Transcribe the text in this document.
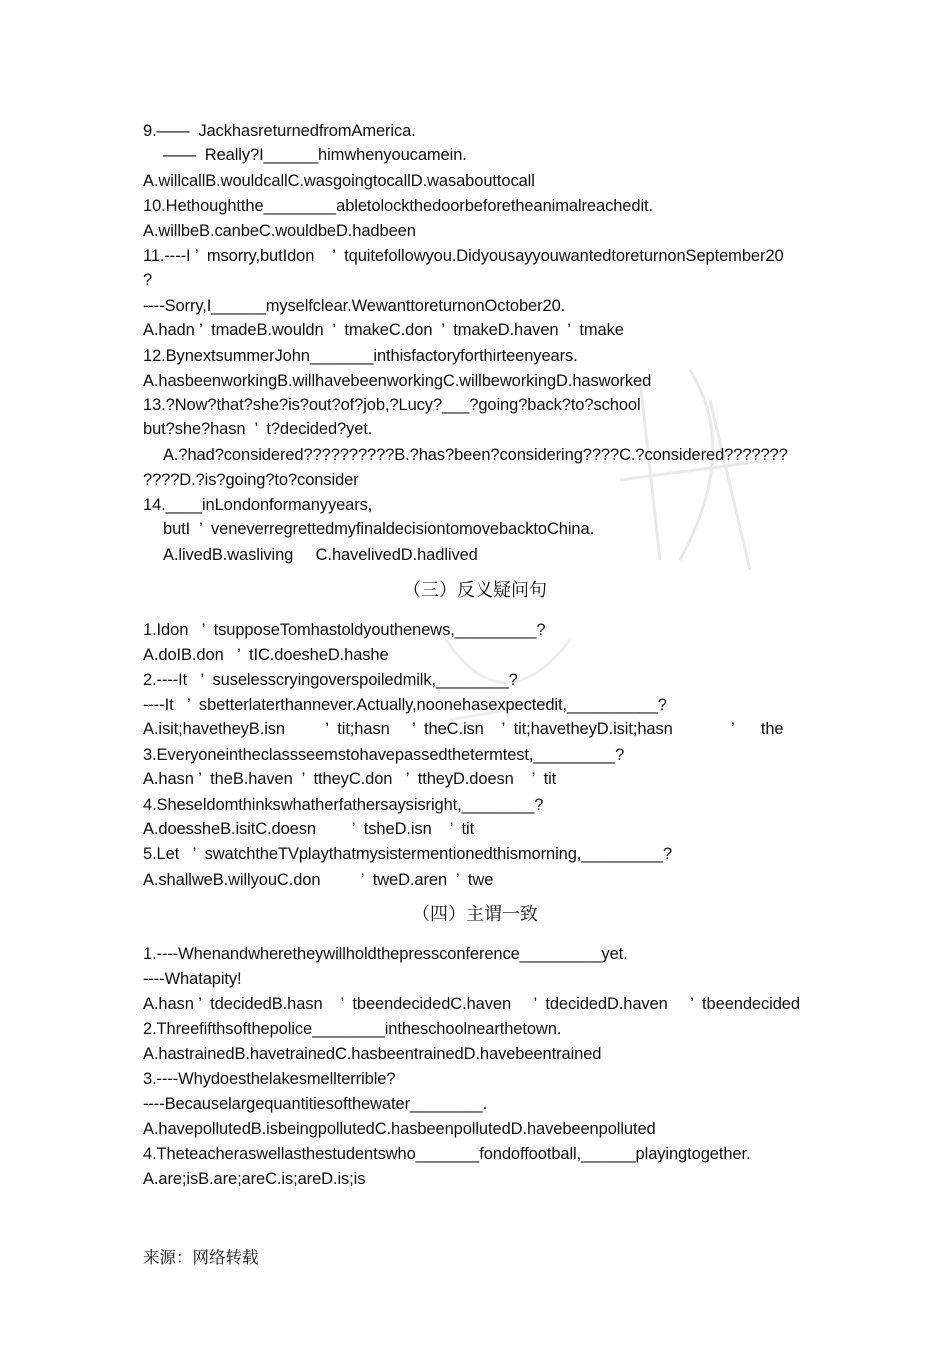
9.——  JackhasreturnedfromAmerica.
——  Really?I______himwhenyoucamein.
A.willcallB.wouldcallC.wasgoingtocallD.wasabouttocall
10.Hethoughtthe________abletolockthedoorbeforetheanimalreachedit.
A.willbeB.canbeC.wouldbeD.hadbeen
11.----I ’  msorry,butIdon    ’  tquitefollowyou.DidyousayyouwantedtoreturnonSeptember20
?
----Sorry,I______myselfclear.WewanttoreturnonOctober20.
A.hadn ’  tmadeB.wouldn  ’  tmakeC.don  ’  tmakeD.haven  ’  tmake
12.BynextsummerJohn_______inthisfactoryforthirteenyears.
A.hasbeenworkingB.willhavebeenworkingC.willbeworkingD.hasworked
13.?Now?that?she?is?out?of?job,?Lucy?___?going?back?to?school
but?she?hasn  ’  t?decided?yet.
A.?had?considered??????????B.?has?been?considering????C.?considered???????
????D.?is?going?to?consider
14.____inLondonformanyyears,
butI  ’  veneverregrettedmyfinaldecisiontomovebacktoChina.
A.livedB.wasliving     C.havelivedD.hadlived
（三）反义疑问句
1.Idon   ’  tsupposeTomhastoldyouthenews,_________?
A.doIB.don   ’  tIC.doesheD.hashe
2.----It   ’  suselesscryingoverspoiledmilk,________?
----It   ’  sbetterlaterthannever.Actually,noonehasexpectedit,__________?
A.isit;havetheyB.isn         ’  tit;hasn     ’  theC.isn    ’  tit;havetheyD.isit;hasn             ’      the
3.Everyoneintheclassseemstohavepassedthetermtest,_________?
A.hasn ’  theB.haven  ’  ttheyC.don   ’  ttheyD.doesn    ’  tit
4.Sheseldomthinkswhatherfathersaysisright,________?
A.doessheB.isitC.doesn        ’  tsheD.isn    ’  tit
5.Let   ’  swatchtheTVplaythatmysistermentionedthismorning,_________?
A.shallweB.willyouC.don         ’  tweD.aren  ’  twe
（四）主谓一致
1.----Whenandwheretheywillholdthepressconference_________yet.
----Whatapity!
A.hasn ’  tdecidedB.hasn    ’  tbeendecidedC.haven     ’  tdecidedD.haven     ’  tbeendecided
2.Threefifthsofthepolice________intheschoolnearthetown.
A.hastrainedB.havetrainedC.hasbeentrainedD.havebeentrained
3.----Whydoesthelakesmellterrible?
----Becauselargequantitiesofthewater________.
A.havepollutedB.isbeingpollutedC.hasbeenpollutedD.havebeenpolluted
4.Theteacheraswellasthestudentswho_______fondoffootball,______playingtogether.
A.are;isB.are;areC.is;areD.is;is
来源：网络转载
